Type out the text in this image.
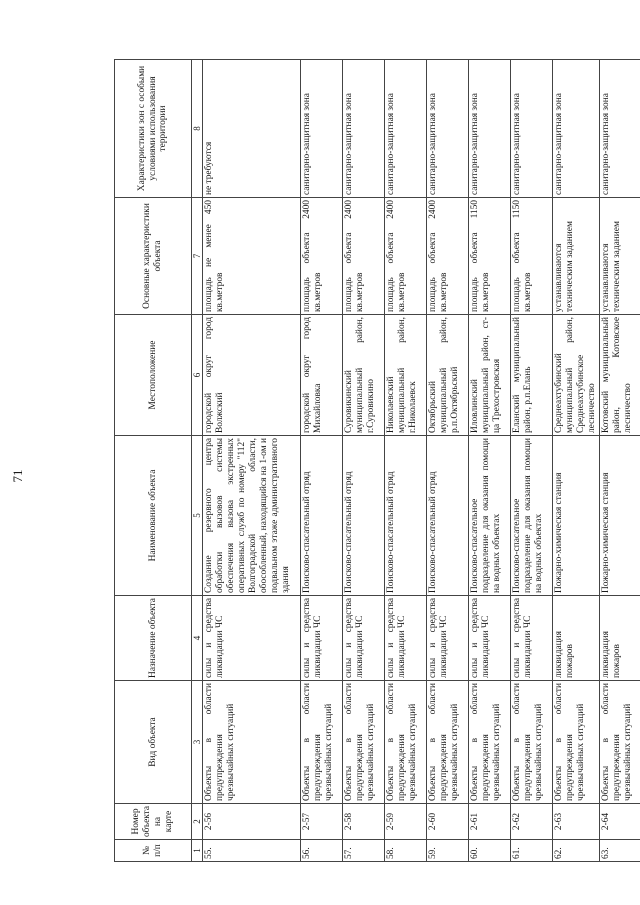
71
№ п/п	Номер объекта на карте	Вид объекта	Назначение объекта	Наименование объекта	Местоположение	Основные характеристики объекта	Характеристики зон с особыми условиями использования территории
1	2	3	4	5	6	7	8
55.	2-56	Объекты в области предупреждения чрезвычайных ситуаций	силы и средства ликвидации ЧС	Создание резервного центра обработки вызовов системы обеспечения вызова экстренных оперативных служб по номеру "112" Волгоградской области, обособленный, находящийся на 1-ом и подвальном этаже административного здания	городской округ город Волжский	площадь не менее 450 кв.метров	не требуются
56.	2-57	Объекты в области предупреждения чрезвычайных ситуаций	силы и средства ликвидации ЧС	Поисково-спасательный отряд	городской округ город Михайловка	площадь объекта 2400 кв.метров	санитарно-защитная зона
57.	2-58	Объекты в области предупреждения чрезвычайных ситуаций	силы и средства ликвидации ЧС	Поисково-спасательный отряд	Суровикинский муниципальный район, г.Суровикино	площадь объекта 2400 кв.метров	санитарно-защитная зона
58.	2-59	Объекты в области предупреждения чрезвычайных ситуаций	силы и средства ликвидации ЧС	Поисково-спасательный отряд	Николаевский муниципальный район, г.Николаевск	площадь объекта 2400 кв.метров	санитарно-защитная зона
59.	2-60	Объекты в области предупреждения чрезвычайных ситуаций	силы и средства ликвидации ЧС	Поисково-спасательный отряд	Октябрьский муниципальный район, р.п.Октябрьский	площадь объекта 2400 кв.метров	санитарно-защитная зона
60.	2-61	Объекты в области предупреждения чрезвычайных ситуаций	силы и средства ликвидации ЧС	Поисково-спасательное подразделение для оказания помощи на водных объектах	Иловлинский муниципальный район, ст-ца Трехостровская	площадь объекта 1150 кв.метров	санитарно-защитная зона
61.	2-62	Объекты в области предупреждения чрезвычайных ситуаций	силы и средства ликвидации ЧС	Поисково-спасательное подразделение для оказания помощи на водных объектах	Еланский муниципальный район, р.п.Елань	площадь объекта 1150 кв.метров	санитарно-защитная зона
62.	2-63	Объекты в области предупреждения чрезвычайных ситуаций	ликвидация пожаров	Пожарно-химическая станция	Среднеахтубинский муниципальный район, Среднеахтубинское лесничество	устанавливаются техническим заданием	санитарно-защитная зона
63.	2-64	Объекты в области предупреждения чрезвычайных ситуаций	ликвидация пожаров	Пожарно-химическая станция	Котовский муниципальный район, Котовское лесничество	устанавливаются техническим заданием	санитарно-защитная зона
